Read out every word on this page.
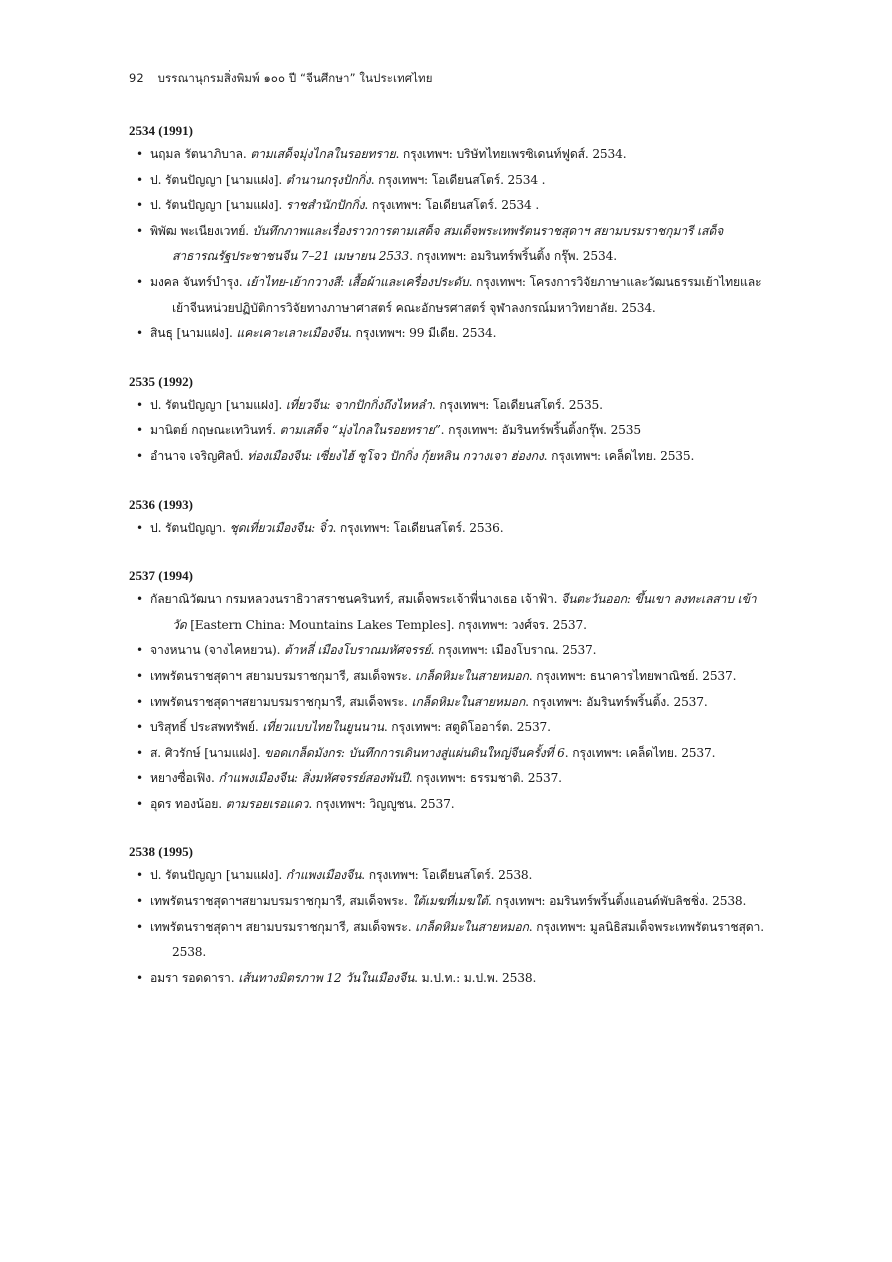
92 บรรณานุกรมสิ่งพิมพ์ ๑๐๐ ปี “จีนศึกษา” ในประเทศไทย
2534 (1991)
• นฤมล รัตนาภิบาล. ตามเสด็จมุ่งไกลในรอยทราย. กรุงเทพฯ: บริษัทไทยเพรซิเดนท์ฟูดส์. 2534.
• ป. รัตนปัญญา [นามแฝง]. ตำนานกรุงปักกิ่ง. กรุงเทพฯ: โอเดียนสโตร์. 2534 .
• ป. รัตนปัญญา [นามแฝง]. ราชสำนักปักกิ่ง. กรุงเทพฯ: โอเดียนสโตร์. 2534 .
• พิพัฒ พะเนียงเวทย์. บันทึกภาพและเรื่องราวการตามเสด็จ สมเด็จพระเทพรัตนราชสุดาฯ สยามบรมราชกุมารี เสด็จสาธารณรัฐประชาชนจีน 7–21 เมษายน 2533. กรุงเทพฯ: อมรินทร์พริ้นติ้ง กรุ๊พ. 2534.
• มงคล จันทร์บำรุง. เย้าไทย-เย้ากวางสี: เสื้อผ้าและเครื่องประดับ. กรุงเทพฯ: โครงการวิจัยภาษาและวัฒนธรรมเย้าไทยและเย้าจีนหน่วยปฏิบัติการวิจัยทางภาษาศาสตร์ คณะอักษรศาสตร์ จุฬาลงกรณ์มหาวิทยาลัย. 2534.
• สินธุ [นามแฝง]. แคะเคาะเลาะเมืองจีน. กรุงเทพฯ: 99 มีเดีย. 2534.
2535 (1992)
• ป. รัตนปัญญา [นามแฝง]. เที่ยวจีน: จากปักกิ่งถึงไหหลำ. กรุงเทพฯ: โอเดียนสโตร์. 2535.
• มานิตย์ กฤษณะเทวินทร์. ตามเสด็จ “มุ่งไกลในรอยทราย”. กรุงเทพฯ: อัมรินทร์พริ้นติ้งกรุ๊พ. 2535
• อำนาจ เจริญศิลป์. ท่องเมืองจีน: เซี่ยงไฮ้ ซูโจว ปักกิ่ง กุ้ยหลิน กวางเจา ฮ่องกง. กรุงเทพฯ: เคล็ดไทย. 2535.
2536 (1993)
• ป. รัตนปัญญา. ชุดเที่ยวเมืองจีน: จิ๋ว. กรุงเทพฯ: โอเดียนสโตร์. 2536.
2537 (1994)
• กัลยาณิวัฒนา กรมหลวงนราธิวาสราชนครินทร์, สมเด็จพระเจ้าพี่นางเธอ เจ้าฟ้า. จีนตะวันออก: ขึ้นเขา ลงทะเลสาบ เข้าวัด [Eastern China: Mountains Lakes Temples]. กรุงเทพฯ: วงศ์จร. 2537.
• จางหนาน (จางไคหยวน). ต้าหลี่ เมืองโบราณมหัศจรรย์. กรุงเทพฯ: เมืองโบราณ. 2537.
• เทพรัตนราชสุดาฯ สยามบรมราชกุมารี, สมเด็จพระ. เกล็ดหิมะในสายหมอก. กรุงเทพฯ: ธนาคารไทยพาณิชย์. 2537.
• เทพรัตนราชสุดาฯสยามบรมราชกุมารี, สมเด็จพระ. เกล็ดหิมะในสายหมอก. กรุงเทพฯ: อัมรินทร์พริ้นติ้ง. 2537.
• บริสุทธิ์ ประสพทรัพย์. เที่ยวแบบไทยในยูนนาน. กรุงเทพฯ: สตูดิโออาร์ต. 2537.
• ส. ศิวรักษ์ [นามแฝง]. ขอดเกล็ดมังกร: บันทึกการเดินทางสู่แผ่นดินใหญ่จีนครั้งที่ 6. กรุงเทพฯ: เคล็ดไทย. 2537.
• หยางซื่อเฟิง. กำแพงเมืองจีน: สิ่งมหัศจรรย์สองพันปี. กรุงเทพฯ: ธรรมชาติ. 2537.
• อุดร ทองน้อย. ตามรอยเรอแดว. กรุงเทพฯ: วิญญูชน. 2537.
2538 (1995)
• ป. รัตนปัญญา [นามแฝง]. กำแพงเมืองจีน. กรุงเทพฯ: โอเดียนสโตร์. 2538.
• เทพรัตนราชสุดาฯสยามบรมราชกุมารี, สมเด็จพระ. ใต้เมฆที่เมฆใต้. กรุงเทพฯ: อมรินทร์พริ้นติ้งแอนด์พับลิชชิ่ง. 2538.
• เทพรัตนราชสุดาฯ สยามบรมราชกุมารี, สมเด็จพระ. เกล็ดหิมะในสายหมอก. กรุงเทพฯ: มูลนิธิสมเด็จพระเทพรัตนราชสุดา. 2538.
• อมรา รอดดารา. เส้นทางมิตรภาพ 12 วันในเมืองจีน. ม.ป.ท.: ม.ป.พ. 2538.
